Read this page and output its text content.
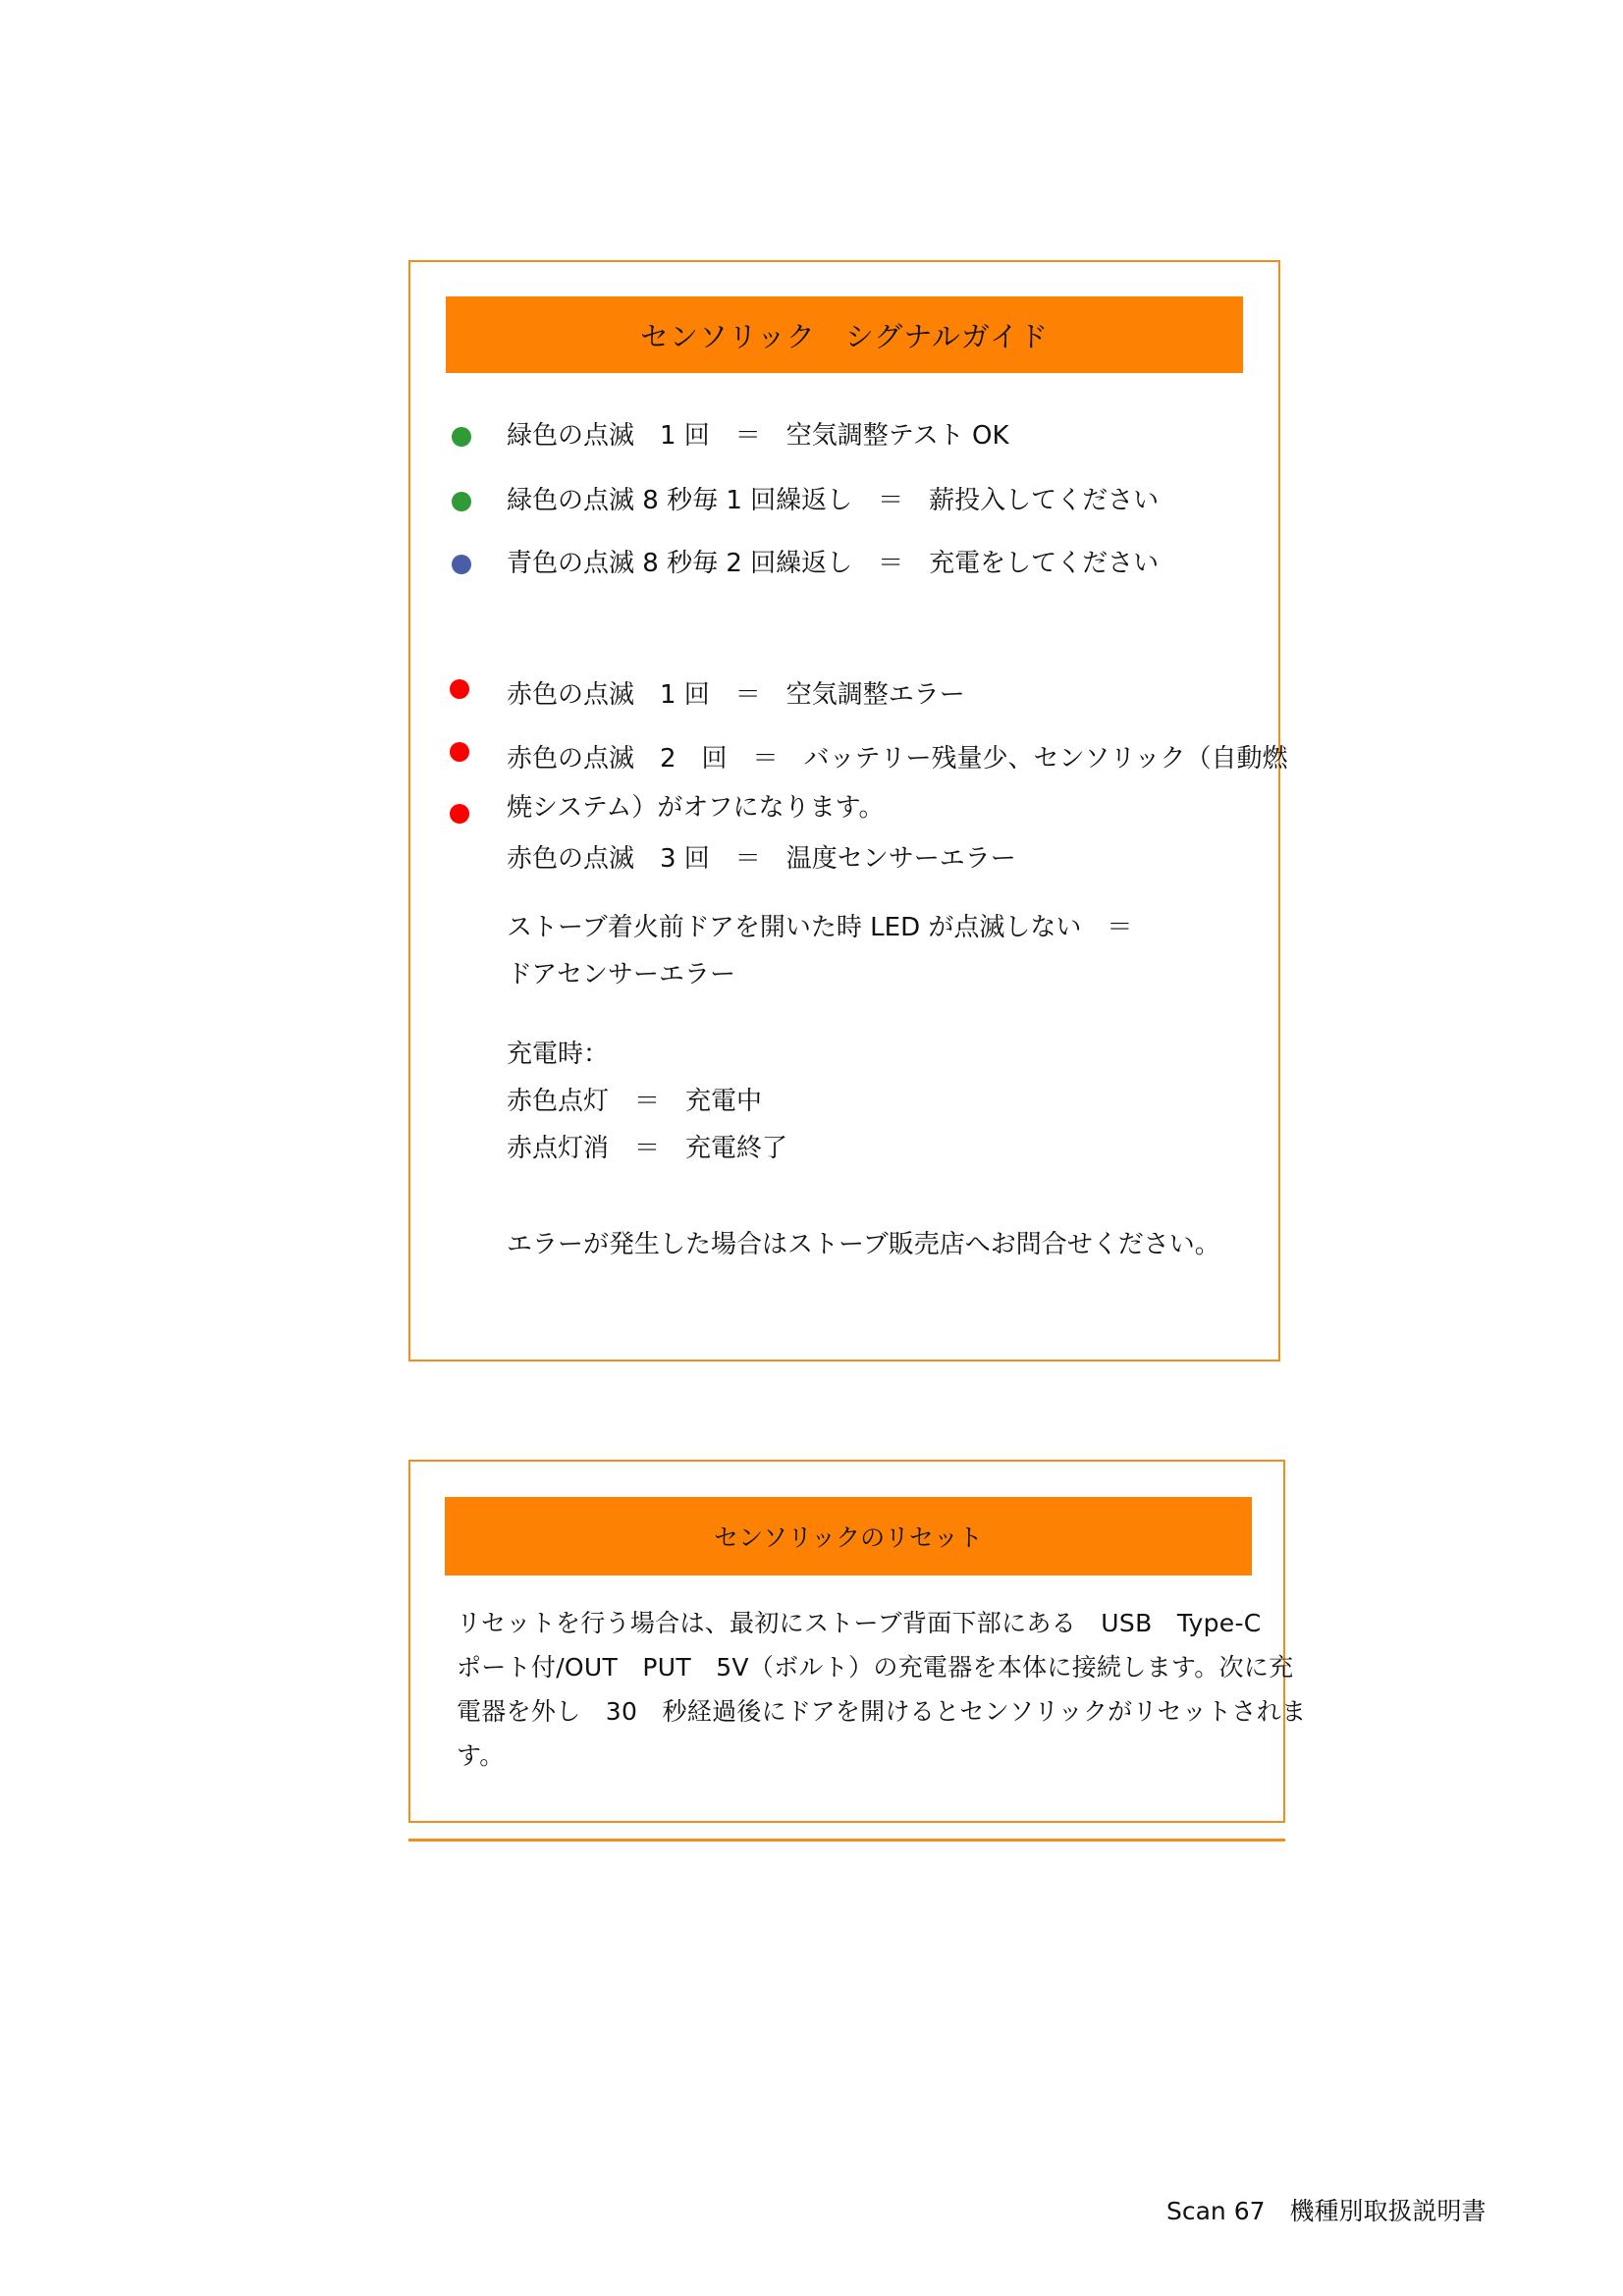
センソリック　シグナルガイド
緑色の点滅　1 回　＝　空気調整テスト OK
緑色の点滅 8 秒毎 1 回繰返し　＝　薪投入してください
青色の点滅 8 秒毎 2 回繰返し　＝　充電をしてください
赤色の点滅　1 回　＝　空気調整エラー
赤色の点滅　2　回　＝　バッテリー残量少、センソリック（自動燃
焼システム）がオフになります。
赤色の点滅　3 回　＝　温度センサーエラー
ストーブ着火前ドアを開いた時 LED が点滅しない　＝
ドアセンサーエラー
充電時：
赤色点灯　＝　充電中
赤点灯消　＝　充電終了
エラーが発生した場合はストーブ販売店へお問合せください。
センソリックのリセット
リセットを行う場合は、最初にストーブ背面下部にある　USB　Type-C
ポート付/OUT　PUT　5V（ボルト）の充電器を本体に接続します。次に充
電器を外し　30　秒経過後にドアを開けるとセンソリックがリセットされま
す。
Scan 67　機種別取扱説明書
